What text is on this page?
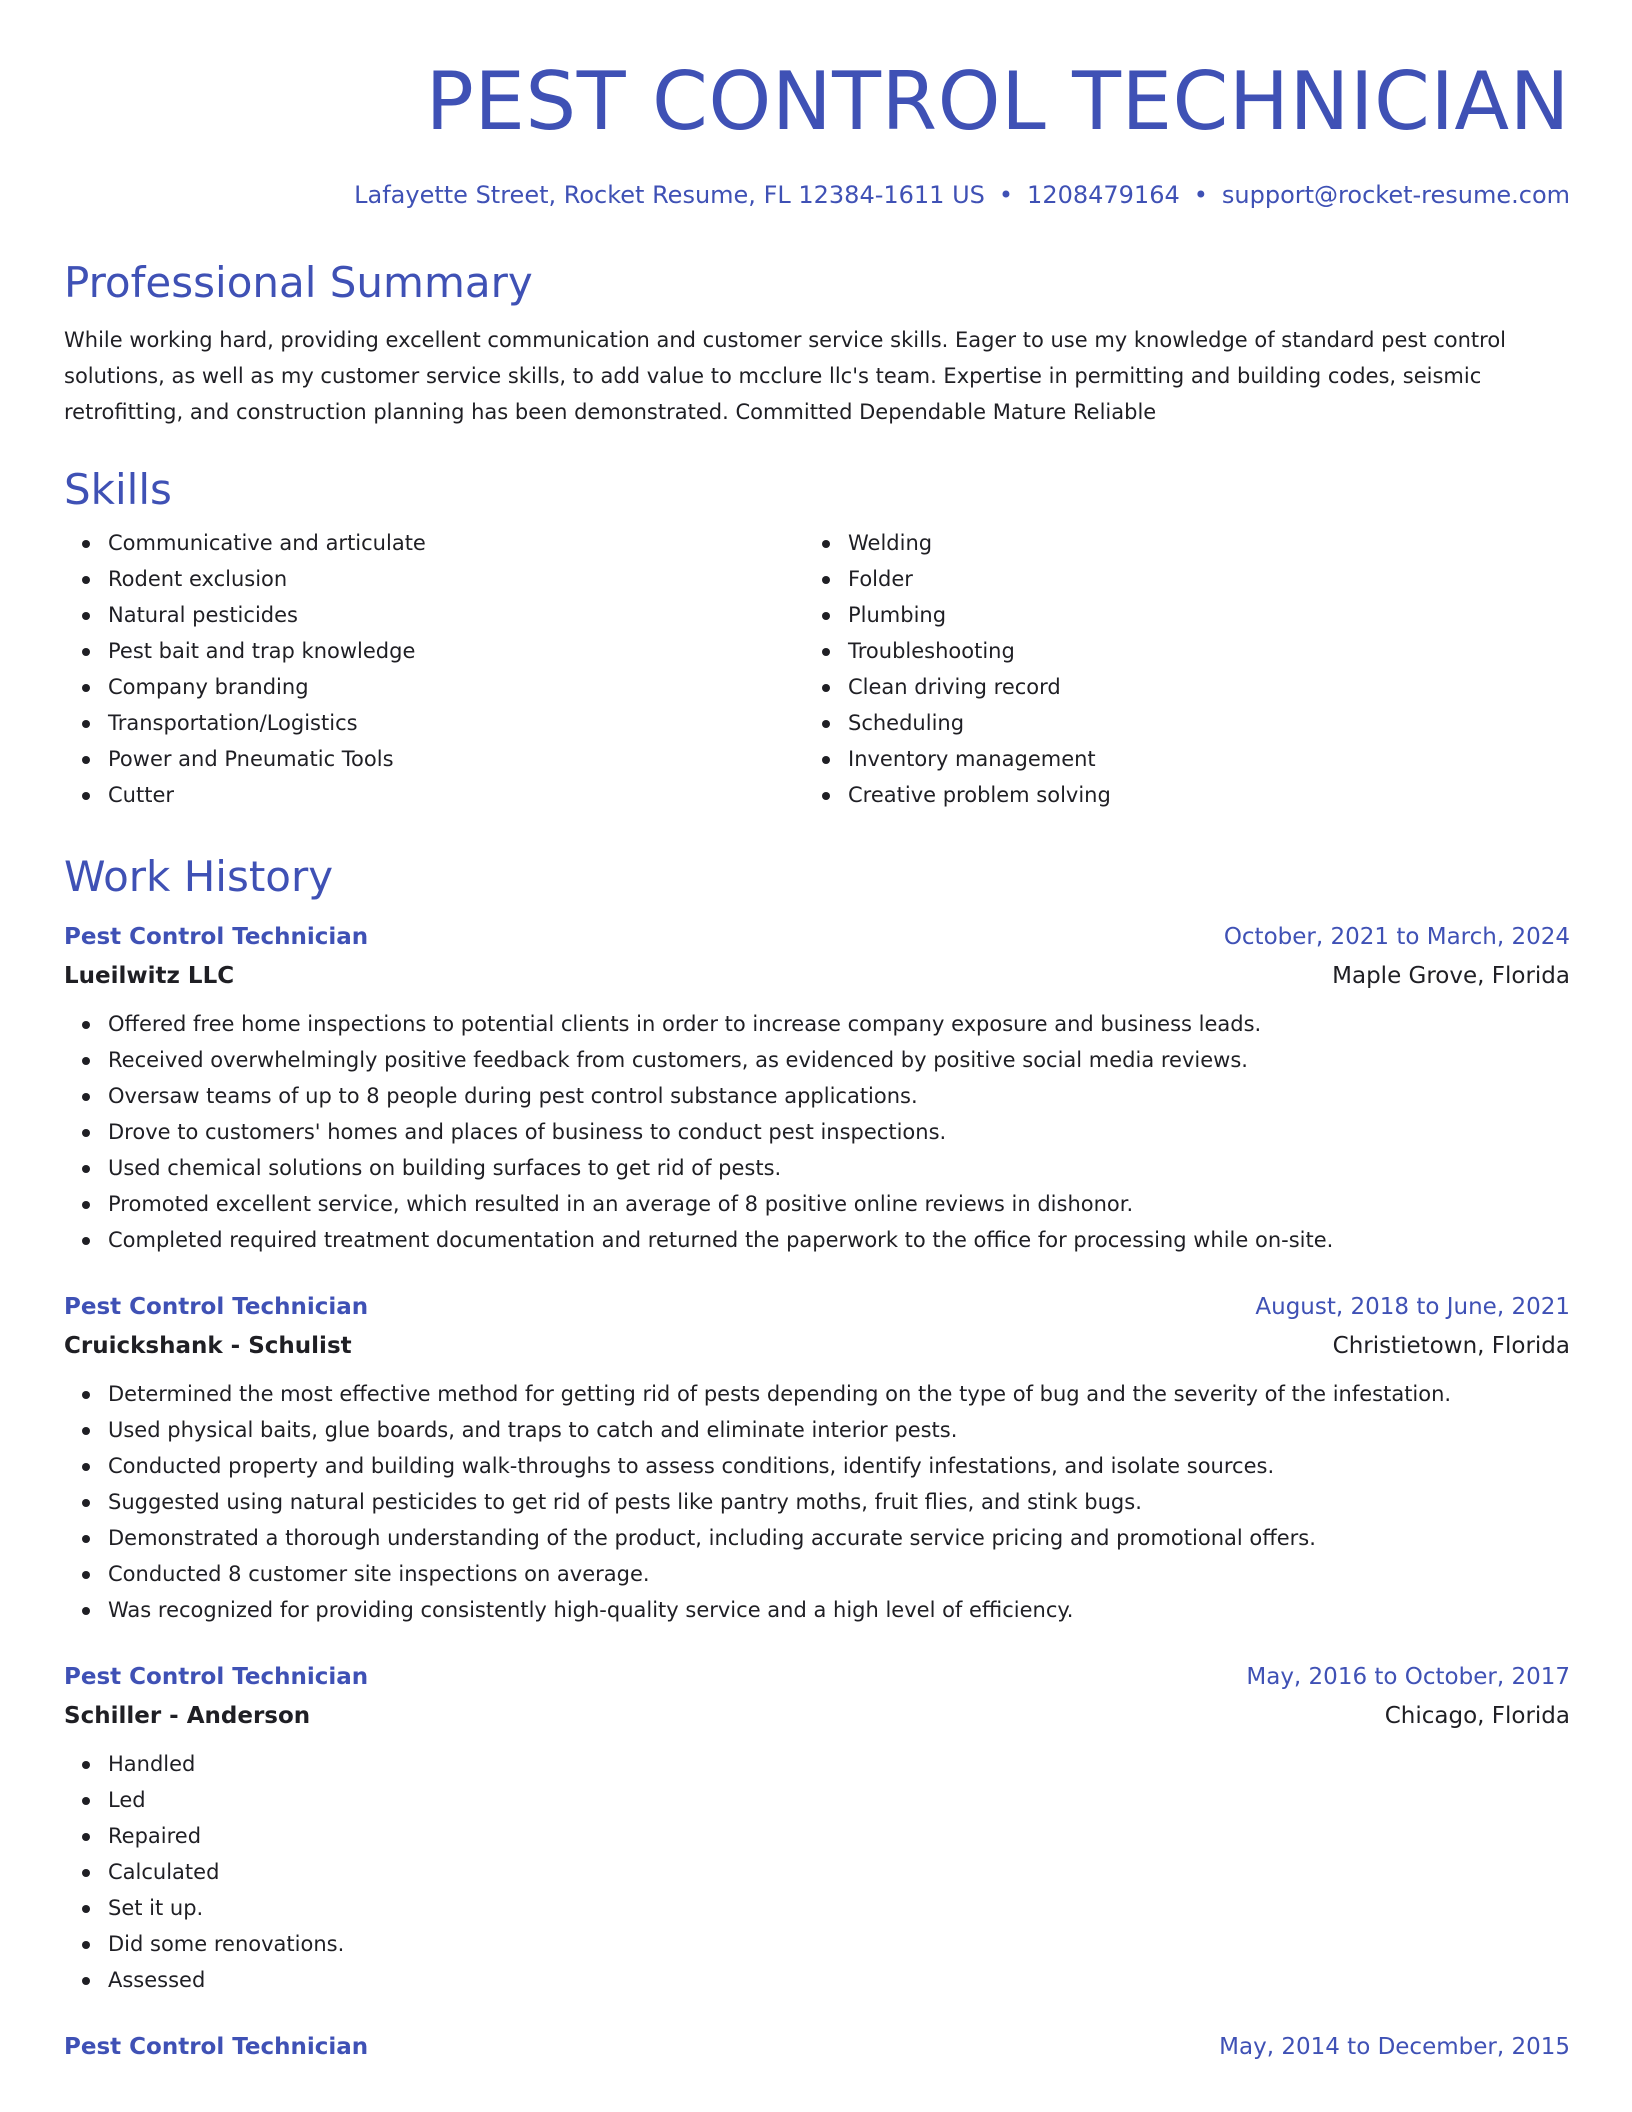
PEST CONTROL TECHNICIAN
Lafayette Street, Rocket Resume, FL 12384-1611 US • 1208479164 • support@rocket-resume.com
Professional Summary

While working hard, providing excellent communication and customer service skills. Eager to use my knowledge of standard pest control solutions, as well as my customer service skills, to add value to mcclure llc's team. Expertise in permitting and building codes, seismic retrofitting, and construction planning has been demonstrated. Committed Dependable Mature Reliable

Skills
Communicative and articulate
Rodent exclusion
Natural pesticides
Pest bait and trap knowledge
Company branding
Transportation/Logistics
Power and Pneumatic Tools
Cutter
Welding
Folder
Plumbing
Troubleshooting
Clean driving record
Scheduling
Inventory management
Creative problem solving
Work History
Pest Control Technician	October, 2021 to March, 2024
Lueilwitz LLC	Maple Grove, Florida
Offered free home inspections to potential clients in order to increase company exposure and business leads.
Received overwhelmingly positive feedback from customers, as evidenced by positive social media reviews.
Oversaw teams of up to 8 people during pest control substance applications.
Drove to customers' homes and places of business to conduct pest inspections.
Used chemical solutions on building surfaces to get rid of pests.
Promoted excellent service, which resulted in an average of 8 positive online reviews in dishonor.
Completed required treatment documentation and returned the paperwork to the office for processing while on-site.
Pest Control Technician	August, 2018 to June, 2021
Cruickshank - Schulist	Christietown, Florida
Determined the most effective method for getting rid of pests depending on the type of bug and the severity of the infestation.
Used physical baits, glue boards, and traps to catch and eliminate interior pests.
Conducted property and building walk-throughs to assess conditions, identify infestations, and isolate sources.
Suggested using natural pesticides to get rid of pests like pantry moths, fruit flies, and stink bugs.
Demonstrated a thorough understanding of the product, including accurate service pricing and promotional offers.
Conducted 8 customer site inspections on average.
Was recognized for providing consistently high-quality service and a high level of efficiency.
Pest Control Technician	May, 2016 to October, 2017
Schiller - Anderson	Chicago, Florida
Handled
Led
Repaired
Calculated
Set it up.
Did some renovations.
Assessed
Pest Control Technician	May, 2014 to December, 2015
